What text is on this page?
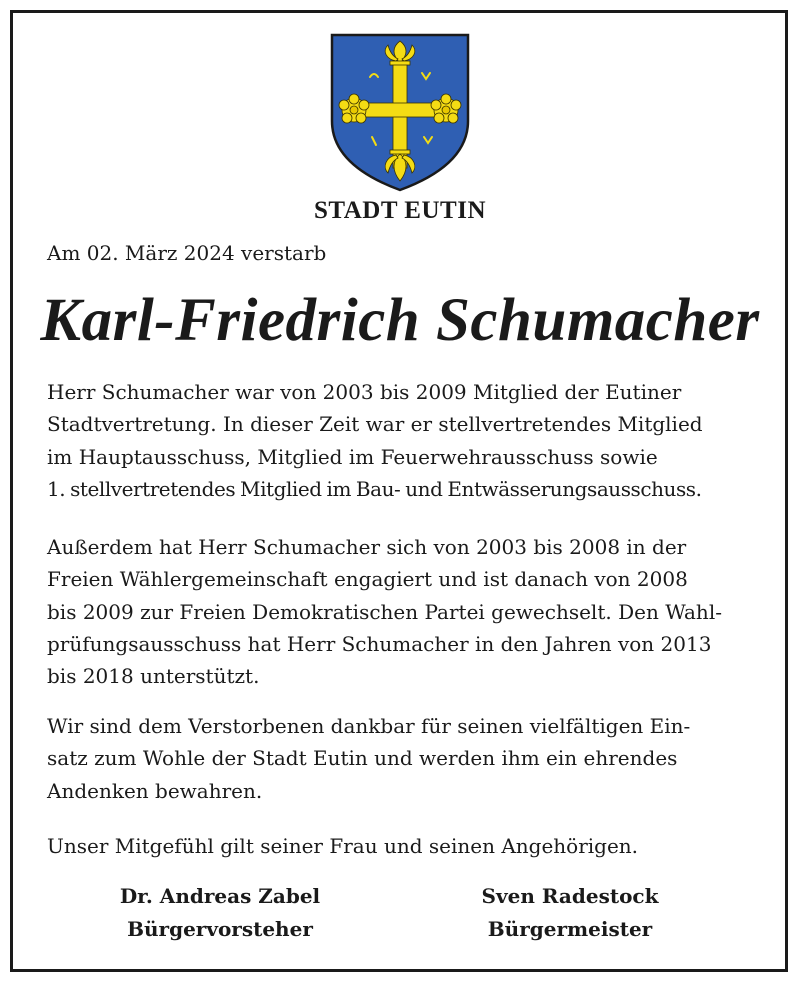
STADT EUTIN
Am 02. März 2024 verstarb
Karl-Friedrich Schumacher
Herr Schumacher war von 2003 bis 2009 Mitglied der Eutiner
Stadtvertretung. In dieser Zeit war er stellvertretendes Mitglied
im Hauptausschuss, Mitglied im Feuerwehrausschuss sowie
1. stellvertretendes Mitglied im Bau- und Entwässerungsausschuss.
Außerdem hat Herr Schumacher sich von 2003 bis 2008 in der
Freien Wählergemeinschaft engagiert und ist danach von 2008
bis 2009 zur Freien Demokratischen Partei gewechselt. Den Wahl-
prüfungsausschuss hat Herr Schumacher in den Jahren von 2013
bis 2018 unterstützt.
Wir sind dem Verstorbenen dankbar für seinen vielfältigen Ein-
satz zum Wohle der Stadt Eutin und werden ihm ein ehrendes
Andenken bewahren.
Unser Mitgefühl gilt seiner Frau und seinen Angehörigen.
Dr. Andreas Zabel
Bürgervorsteher
Sven Radestock
Bürgermeister
